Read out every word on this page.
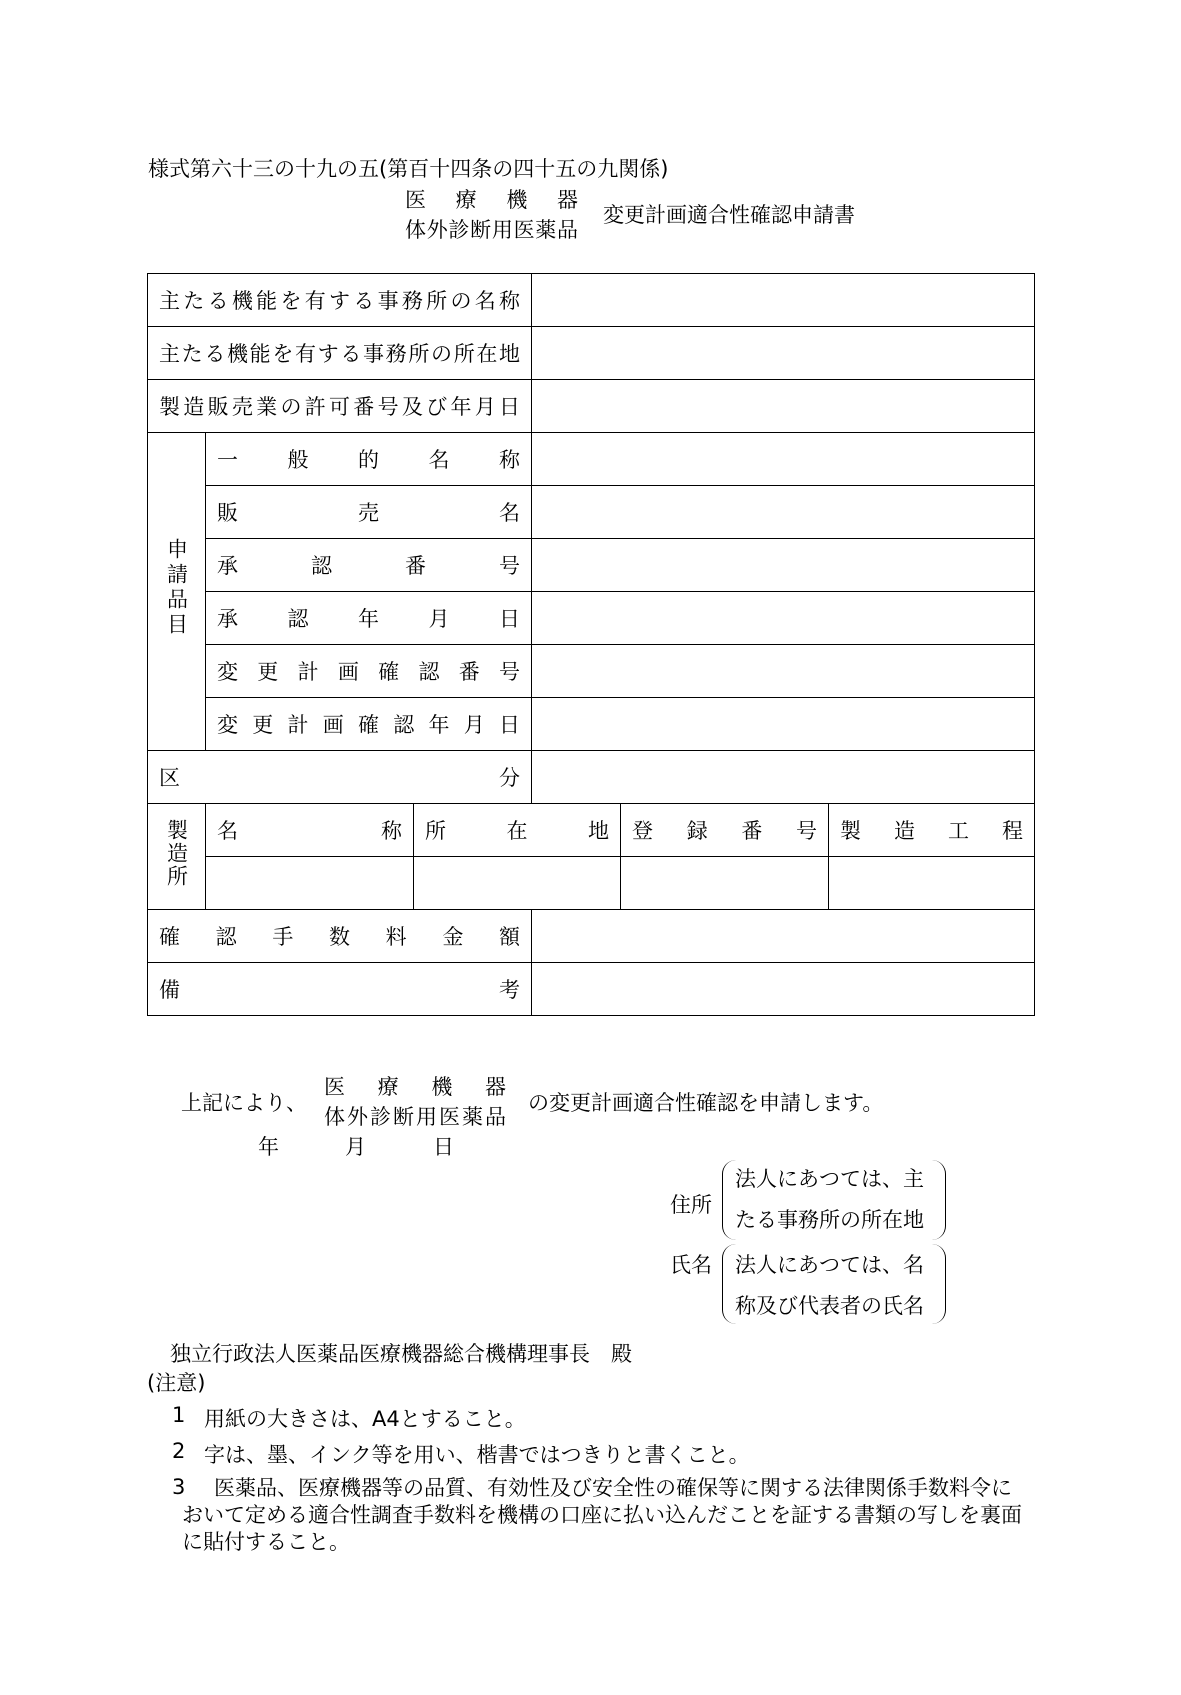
様式第六十三の十九の五(第百十四条の四十五の九関係)
医療機器
体外診断用医薬品
変更計画適合性確認申請書
主たる機能を有する事務所の名称					

主たる機能を有する事務所の所在地					

製造販売業の許可番号及び年月日					

申請品目	一般的名称				

	販売名				

	承認番号				

	承認年月日				

	変更計画確認番号				

	変更計画確認年月日				

区分					

製造所	名称	所在地		登録番号	製造工程

確認手数料金額					

備考					

上記により、
医療機器
体外診断用医薬品
の変更計画適合性確認を申請します。
年	月	日
住所
法人にあつては、主
たる事務所の所在地
氏名 法人にあつては、名
称及び代表者の氏名
独立行政法人医薬品医療機器総合機構理事長　殿
(注意)
1 用紙の大きさは、A4とすること。
2 字は、墨、インク等を用い、楷書ではつきりと書くこと。
3	医薬品、医療機器等の品質、有効性及び安全性の確保等に関する法律関係手数料令において定める適合性調査手数料を機構の口座に払い込んだことを証する書類の写しを裏面に貼付すること。
